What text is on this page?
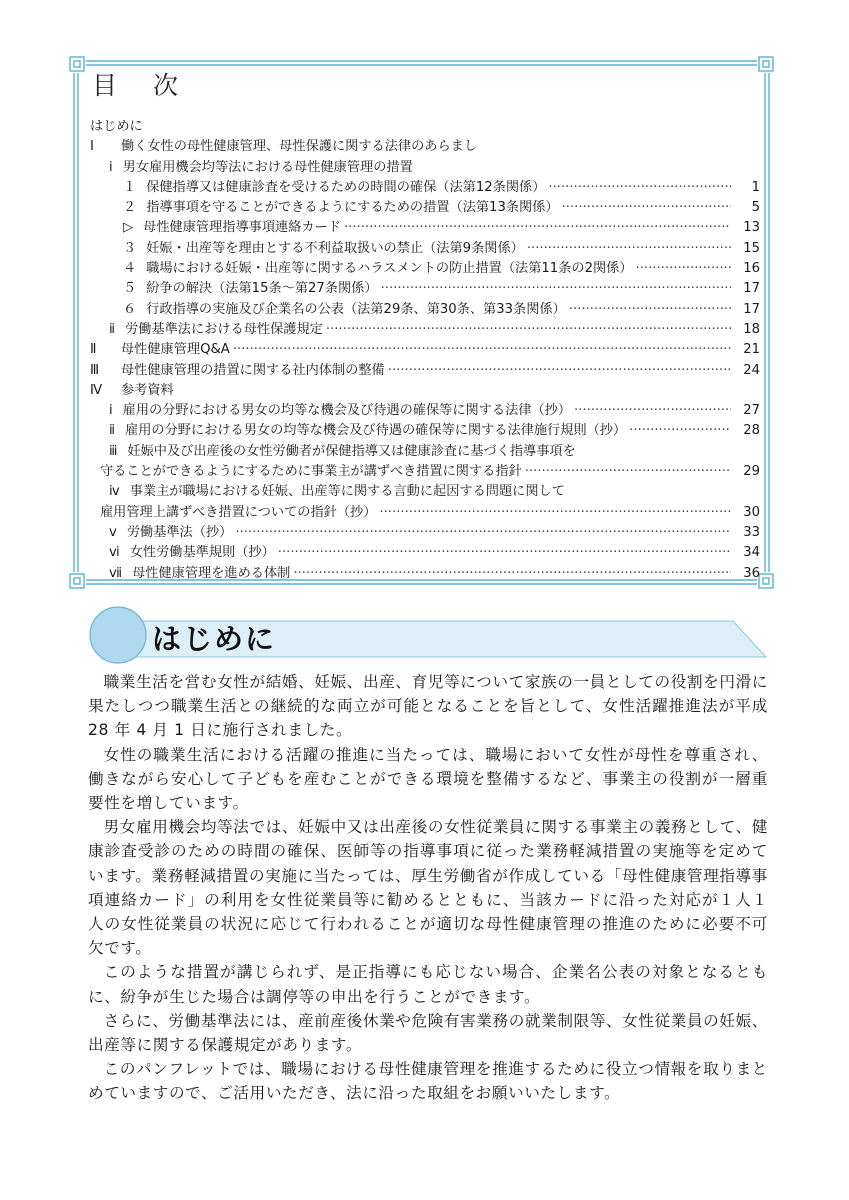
目 次
はじめに
Ⅰ	働く女性の母性健康管理、母性保護に関する法律のあらまし
ⅰ 男女雇用機会均等法における母性健康管理の措置
１ 保健指導又は健康診査を受けるための時間の確保（法第12条関係） ·····	1
２ 指導事項を守ることができるようにするための措置（法第13条関係） ·····	5
▷ 母性健康管理指導事項連絡カード ·····	13
３ 妊娠・出産等を理由とする不利益取扱いの禁止（法第9条関係） ·····	15
４ 職場における妊娠・出産等に関するハラスメントの防止措置（法第11条の2関係） ·····	16
５ 紛争の解決（法第15条～第27条関係） ·····	17
６ 行政指導の実施及び企業名の公表（法第29条、第30条、第33条関係） ·····	17
ⅱ 労働基準法における母性保護規定 ·····	18
Ⅱ	母性健康管理Q&A ·····	21
Ⅲ	母性健康管理の措置に関する社内体制の整備 ·····	24
Ⅳ	参考資料
ⅰ 雇用の分野における男女の均等な機会及び待遇の確保等に関する法律（抄） ·····	27
ⅱ 雇用の分野における男女の均等な機会及び待遇の確保等に関する法律施行規則（抄） ·····	28
ⅲ 妊娠中及び出産後の女性労働者が保健指導又は健康診査に基づく指導事項を
守ることができるようにするために事業主が講ずべき措置に関する指針 ·····	29
ⅳ 事業主が職場における妊娠、出産等に関する言動に起因する問題に関して
雇用管理上講ずべき措置についての指針（抄） ·····	30
ⅴ 労働基準法（抄） ·····	33
ⅵ 女性労働基準規則（抄） ·····	34
ⅶ 母性健康管理を進める体制 ·····	36
はじめに

職業生活を営む女性が結婚、妊娠、出産、育児等について家族の一員としての役割を円滑に果たしつつ職業生活との継続的な両立が可能となることを旨として、女性活躍推進法が平成 28 年 4 月 1 日に施行されました。

女性の職業生活における活躍の推進に当たっては、職場において女性が母性を尊重され、働きながら安心して子どもを産むことができる環境を整備するなど、事業主の役割が一層重要性を増しています。

男女雇用機会均等法では、妊娠中又は出産後の女性従業員に関する事業主の義務として、健康診査受診のための時間の確保、医師等の指導事項に従った業務軽減措置の実施等を定めています。業務軽減措置の実施に当たっては、厚生労働省が作成している「母性健康管理指導事項連絡カード」の利用を女性従業員等に勧めるとともに、当該カードに沿った対応が１人１人の女性従業員の状況に応じて行われることが適切な母性健康管理の推進のために必要不可欠です。

このような措置が講じられず、是正指導にも応じない場合、企業名公表の対象となるともに、紛争が生じた場合は調停等の申出を行うことができます。

さらに、労働基準法には、産前産後休業や危険有害業務の就業制限等、女性従業員の妊娠、出産等に関する保護規定があります。

このパンフレットでは、職場における母性健康管理を推進するために役立つ情報を取りまとめていますので、ご活用いただき、法に沿った取組をお願いいたします。
